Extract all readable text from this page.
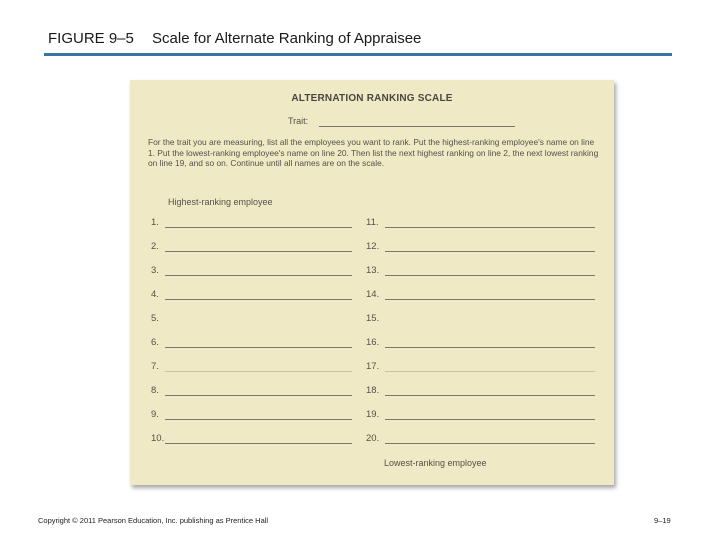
FIGURE 9–5 Scale for Alternate Ranking of Appraisee
ALTERNATION RANKING SCALE
Trait:
For the trait you are measuring, list all the employees you want to rank. Put the highest-ranking employee's name on line 1. Put the lowest-ranking employee's name on line 20. Then list the next highest ranking on line 2, the next lowest ranking on line 19, and so on. Continue until all names are on the scale.
Highest-ranking employee
1.	11.
2.	12.
3.	13.
4.	14.
5.	15.
6.	16.
7.	17.
8.	18.
9.	19.
10.	20.
Lowest-ranking employee
Copyright © 2011 Pearson Education, Inc. publishing as Prentice Hall	9–19
